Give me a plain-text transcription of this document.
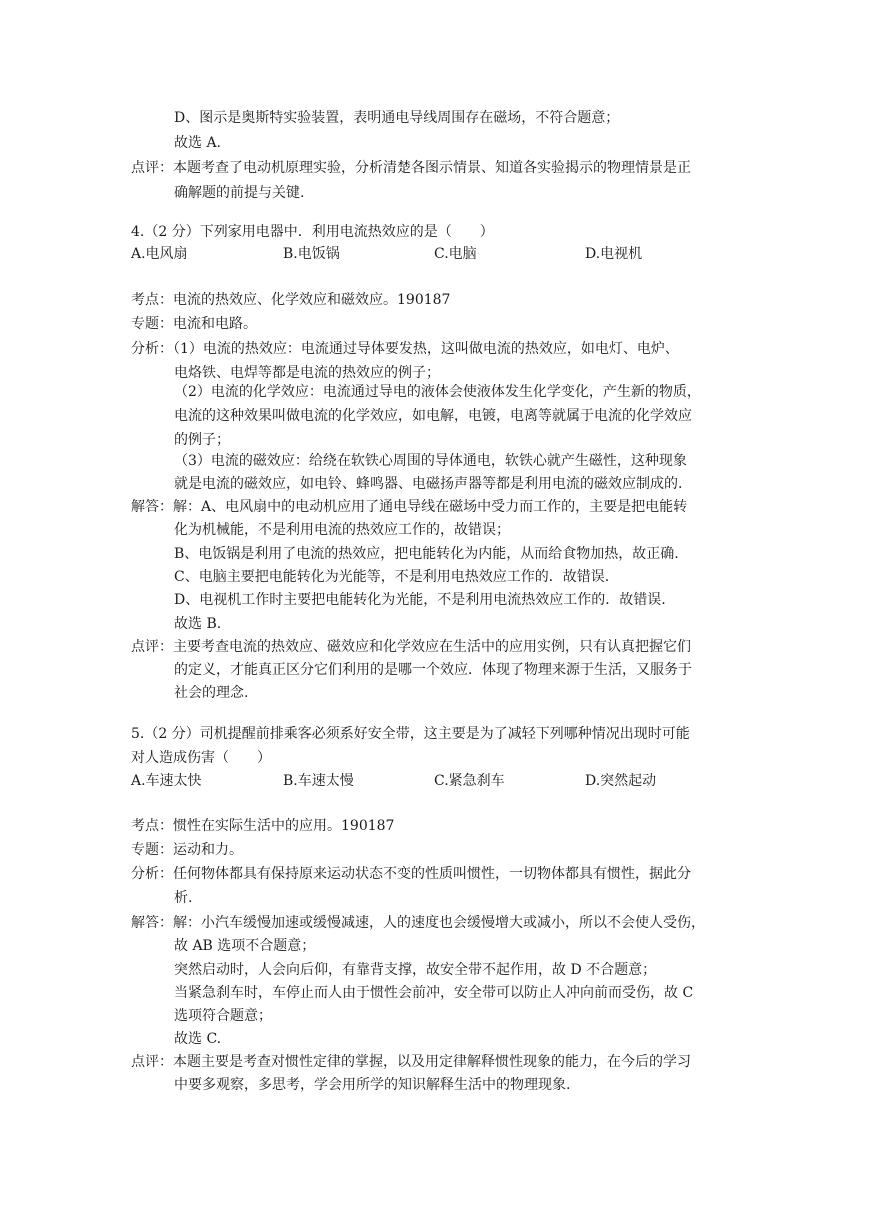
D、图示是奥斯特实验装置，表明通电导线周围存在磁场，不符合题意；
故选 A.
点评：本题考查了电动机原理实验，分析清楚各图示情景、知道各实验揭示的物理情景是正
确解题的前提与关键.
4.（2 分）下列家用电器中．利用电流热效应的是（　　）
A.电风扇	B.电饭锅	C.电脑	D.电视机
考点：电流的热效应、化学效应和磁效应。190187
专题：电流和电路。
分析：（1）电流的热效应：电流通过导体要发热，这叫做电流的热效应，如电灯、电炉、
电烙铁、电焊等都是电流的热效应的例子；
（2）电流的化学效应：电流通过导电的液体会使液体发生化学变化，产生新的物质，
电流的这种效果叫做电流的化学效应，如电解，电镀，电离等就属于电流的化学效应
的例子；
（3）电流的磁效应：给绕在软铁心周围的导体通电，软铁心就产生磁性，这种现象
就是电流的磁效应，如电铃、蜂鸣器、电磁扬声器等都是利用电流的磁效应制成的.
解答：解：A、电风扇中的电动机应用了通电导线在磁场中受力而工作的，主要是把电能转
化为机械能，不是利用电流的热效应工作的，故错误；
B、电饭锅是利用了电流的热效应，把电能转化为内能，从而给食物加热，故正确.
C、电脑主要把电能转化为光能等，不是利用电热效应工作的．故错误.
D、电视机工作时主要把电能转化为光能，不是利用电流热效应工作的．故错误.
故选 B.
点评：主要考查电流的热效应、磁效应和化学效应在生活中的应用实例，只有认真把握它们
的定义，才能真正区分它们利用的是哪一个效应．体现了物理来源于生活，又服务于
社会的理念.
5.（2 分）司机提醒前排乘客必须系好安全带，这主要是为了减轻下列哪种情况出现时可能
对人造成伤害（　　）
A.车速太快	B.车速太慢	C.紧急刹车	D.突然起动
考点：惯性在实际生活中的应用。190187
专题：运动和力。
分析：任何物体都具有保持原来运动状态不变的性质叫惯性，一切物体都具有惯性，据此分
析.
解答：解：小汽车缓慢加速或缓慢减速，人的速度也会缓慢增大或减小，所以不会使人受伤，
故 AB 选项不合题意；
突然启动时，人会向后仰，有靠背支撑，故安全带不起作用，故 D 不合题意；
当紧急刹车时，车停止而人由于惯性会前冲，安全带可以防止人冲向前而受伤，故 C
选项符合题意；
故选 C.
点评：本题主要是考查对惯性定律的掌握，以及用定律解释惯性现象的能力，在今后的学习
中要多观察，多思考，学会用所学的知识解释生活中的物理现象.
